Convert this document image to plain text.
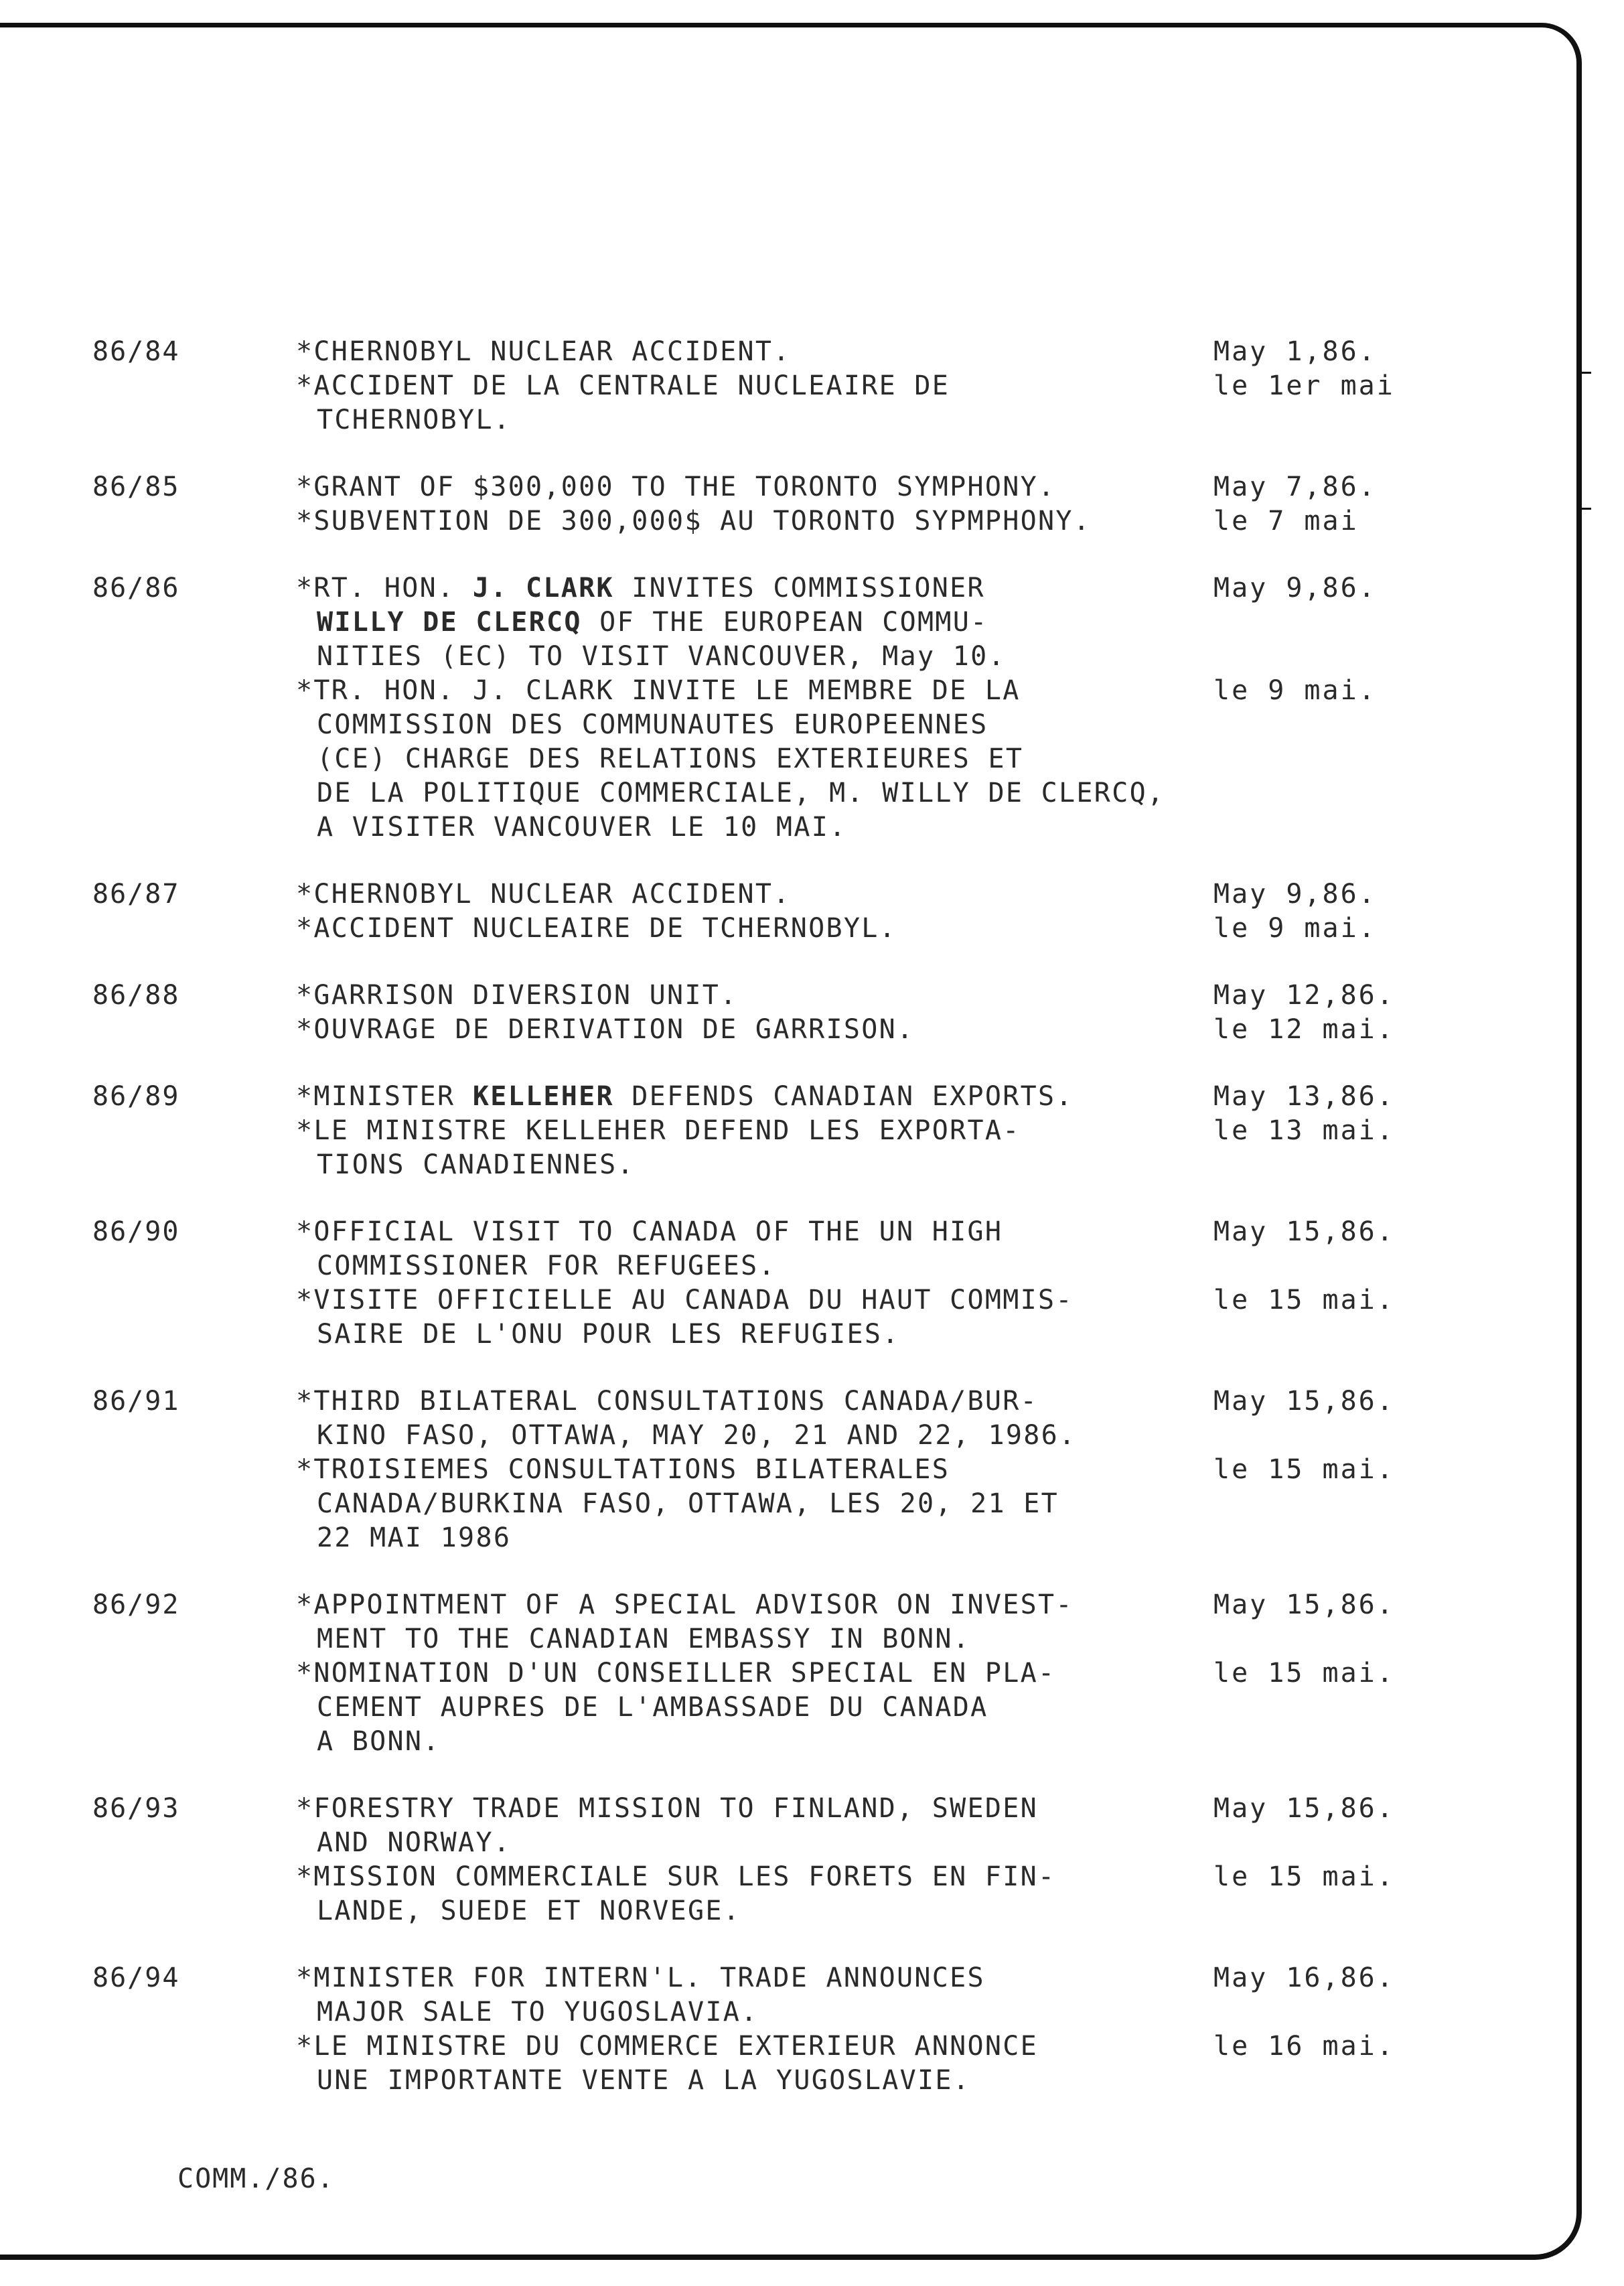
86/84	*CHERNOBYL NUCLEAR ACCIDENT.	May 1,86.
*ACCIDENT DE LA CENTRALE NUCLEAIRE DE	le 1er mai
TCHERNOBYL.
86/85	*GRANT OF $300,000 TO THE TORONTO SYMPHONY.	May 7,86.
*SUBVENTION DE 300,000$ AU TORONTO SYPMPHONY.	le 7 mai
86/86	*RT. HON. J. CLARK INVITES COMMISSIONER	May 9,86.
WILLY DE CLERCQ OF THE EUROPEAN COMMU-
NITIES (EC) TO VISIT VANCOUVER, May 10.
*TR. HON. J. CLARK INVITE LE MEMBRE DE LA	le 9 mai.
COMMISSION DES COMMUNAUTES EUROPEENNES
(CE) CHARGE DES RELATIONS EXTERIEURES ET
DE LA POLITIQUE COMMERCIALE, M. WILLY DE CLERCQ,
A VISITER VANCOUVER LE 10 MAI.
86/87	*CHERNOBYL NUCLEAR ACCIDENT.	May 9,86.
*ACCIDENT NUCLEAIRE DE TCHERNOBYL.	le 9 mai.
86/88	*GARRISON DIVERSION UNIT.	May 12,86.
*OUVRAGE DE DERIVATION DE GARRISON.	le 12 mai.
86/89	*MINISTER KELLEHER DEFENDS CANADIAN EXPORTS.	May 13,86.
*LE MINISTRE KELLEHER DEFEND LES EXPORTA-	le 13 mai.
TIONS CANADIENNES.
86/90	*OFFICIAL VISIT TO CANADA OF THE UN HIGH	May 15,86.
COMMISSIONER FOR REFUGEES.
*VISITE OFFICIELLE AU CANADA DU HAUT COMMIS-	le 15 mai.
SAIRE DE L'ONU POUR LES REFUGIES.
86/91	*THIRD BILATERAL CONSULTATIONS CANADA/BUR-	May 15,86.
KINO FASO, OTTAWA, MAY 20, 21 AND 22, 1986.
*TROISIEMES CONSULTATIONS BILATERALES	le 15 mai.
CANADA/BURKINA FASO, OTTAWA, LES 20, 21 ET
22 MAI 1986
86/92	*APPOINTMENT OF A SPECIAL ADVISOR ON INVEST-	May 15,86.
MENT TO THE CANADIAN EMBASSY IN BONN.
*NOMINATION D'UN CONSEILLER SPECIAL EN PLA-	le 15 mai.
CEMENT AUPRES DE L'AMBASSADE DU CANADA
A BONN.
86/93	*FORESTRY TRADE MISSION TO FINLAND, SWEDEN	May 15,86.
AND NORWAY.
*MISSION COMMERCIALE SUR LES FORETS EN FIN-	le 15 mai.
LANDE, SUEDE ET NORVEGE.
86/94	*MINISTER FOR INTERN'L. TRADE ANNOUNCES	May 16,86.
MAJOR SALE TO YUGOSLAVIA.
*LE MINISTRE DU COMMERCE EXTERIEUR ANNONCE	le 16 mai.
UNE IMPORTANTE VENTE A LA YUGOSLAVIE.
COMM./86.
